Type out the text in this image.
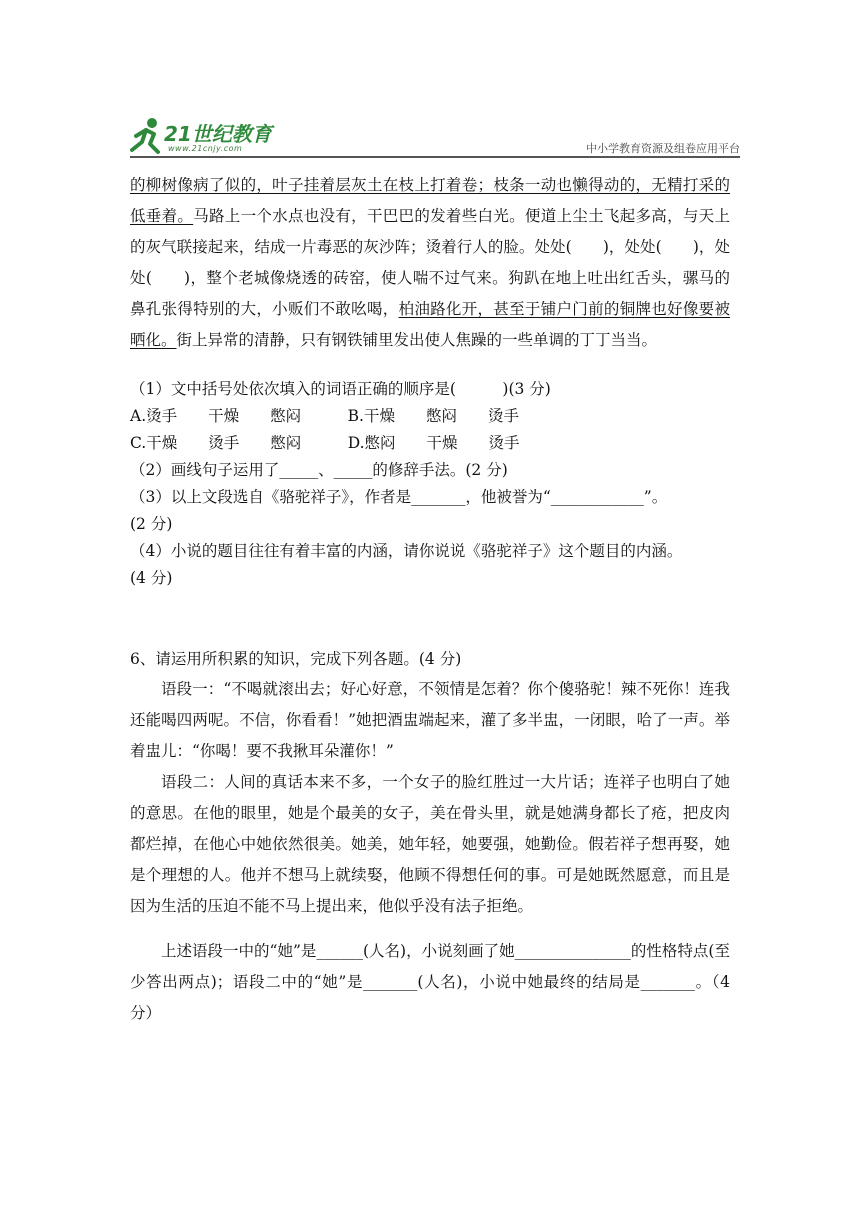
21世纪教育
www.21cnjy.com	中小学教育资源及组卷应用平台

的柳树像病了似的，叶子挂着层灰土在枝上打着卷；枝条一动也懒得动的，无精打采的低垂着。马路上一个水点也没有，干巴巴的发着些白光。便道上尘土飞起多高，与天上的灰气联接起来，结成一片毒恶的灰沙阵；烫着行人的脸。处处(　　)，处处(　　)，处处(　　)，整个老城像烧透的砖窑，使人喘不过气来。狗趴在地上吐出红舌头，骡马的鼻孔张得特别的大，小贩们不敢吆喝，柏油路化开，甚至于铺户门前的铜牌也好像要被晒化。街上异常的清静，只有钢铁铺里发出使人焦躁的一些单调的丁丁当当。

（1）文中括号处依次填入的词语正确的顺序是(　　　)(3 分)
A.烫手　　干燥　　憋闷　　　B.干燥　　憋闷　　烫手
C.干燥　　烫手　　憋闷　　　D.憋闷　　干燥　　烫手
（2）画线句子运用了_____、_____的修辞手法。(2 分)
（3）以上文段选自《骆驼祥子》，作者是_______，他被誉为“____________”。
(2 分)
（4）小说的题目往往有着丰富的内涵，请你说说《骆驼祥子》这个题目的内涵。
(4 分)
6、请运用所积累的知识，完成下列各题。(4 分)

语段一：“不喝就滚出去；好心好意，不领情是怎着？你个傻骆驼！辣不死你！连我还能喝四两呢。不信，你看看！”她把酒盅端起来，灌了多半盅，一闭眼，哈了一声。举着盅儿：“你喝！要不我揪耳朵灌你！”

语段二：人间的真话本来不多，一个女子的脸红胜过一大片话；连祥子也明白了她的意思。在他的眼里，她是个最美的女子，美在骨头里，就是她满身都长了疮，把皮肉都烂掉，在他心中她依然很美。她美，她年轻，她要强，她勤俭。假若祥子想再娶，她是个理想的人。他并不想马上就续娶，他顾不得想任何的事。可是她既然愿意，而且是因为生活的压迫不能不马上提出来，他似乎没有法子拒绝。

上述语段一中的“她”是______(人名)，小说刻画了她_______________的性格特点(至少答出两点)；语段二中的“她”是_______(人名)，小说中她最终的结局是_______。（4 分）
